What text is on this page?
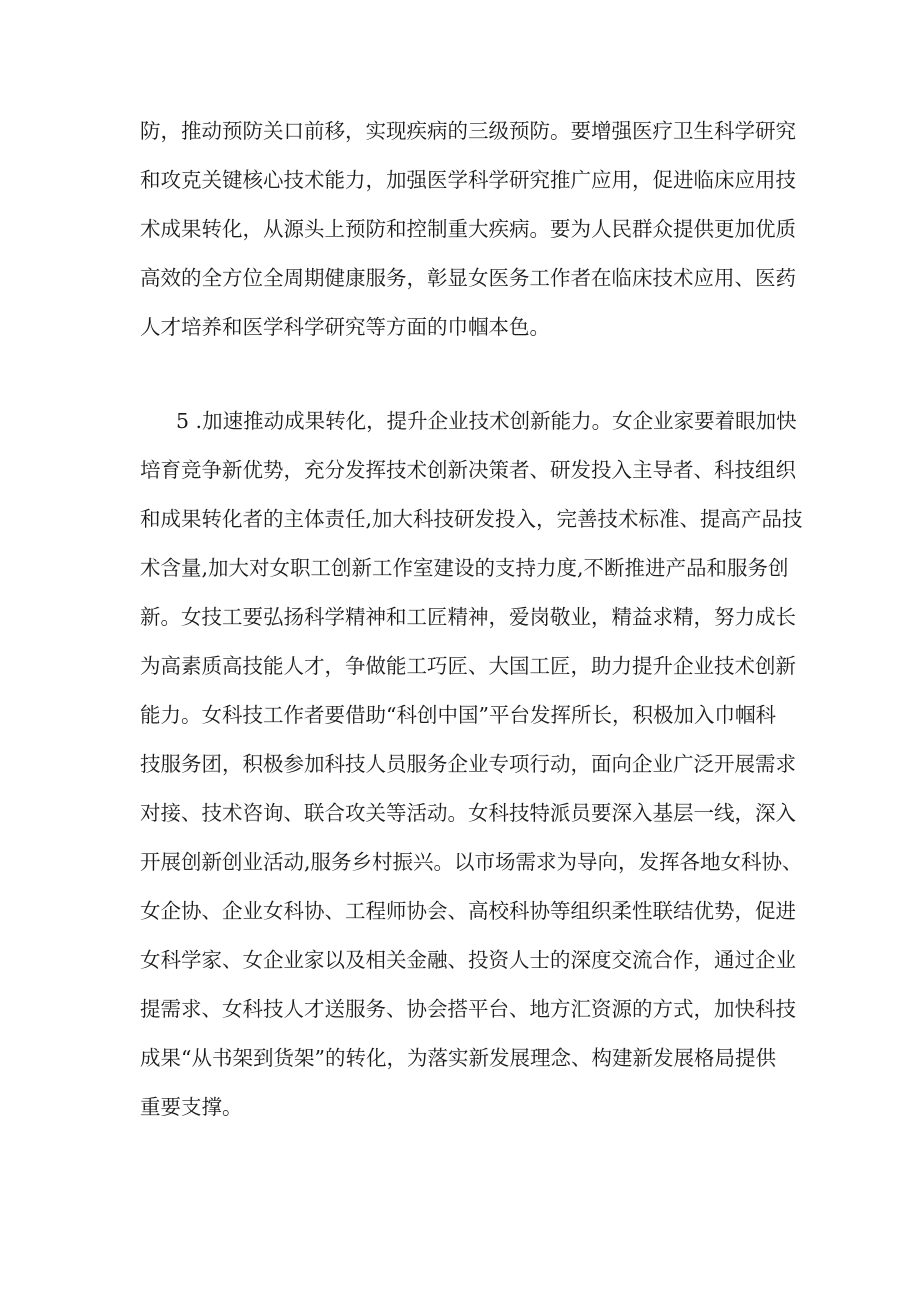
防，推动预防关口前移，实现疾病的三级预防。要增强医疗卫生科学研究
和攻克关键核心技术能力，加强医学科学研究推广应用，促进临床应用技
术成果转化，从源头上预防和控制重大疾病。要为人民群众提供更加优质
高效的全方位全周期健康服务，彰显女医务工作者在临床技术应用、医药
人才培养和医学科学研究等方面的巾帼本色。
5 .加速推动成果转化，提升企业技术创新能力。女企业家要着眼加快
培育竞争新优势，充分发挥技术创新决策者、研发投入主导者、科技组织
和成果转化者的主体责任,加大科技研发投入，完善技术标准、提高产品技
术含量,加大对女职工创新工作室建设的支持力度,不断推进产品和服务创
新。女技工要弘扬科学精神和工匠精神，爱岗敬业，精益求精，努力成长
为高素质高技能人才，争做能工巧匠、大国工匠，助力提升企业技术创新
能力。女科技工作者要借助“科创中国”平台发挥所长，积极加入巾帼科
技服务团，积极参加科技人员服务企业专项行动，面向企业广泛开展需求
对接、技术咨询、联合攻关等活动。女科技特派员要深入基层一线，深入
开展创新创业活动,服务乡村振兴。以市场需求为导向，发挥各地女科协、
女企协、企业女科协、工程师协会、高校科协等组织柔性联结优势，促进
女科学家、女企业家以及相关金融、投资人士的深度交流合作，通过企业
提需求、女科技人才送服务、协会搭平台、地方汇资源的方式，加快科技
成果“从书架到货架”的转化，为落实新发展理念、构建新发展格局提供
重要支撑。
